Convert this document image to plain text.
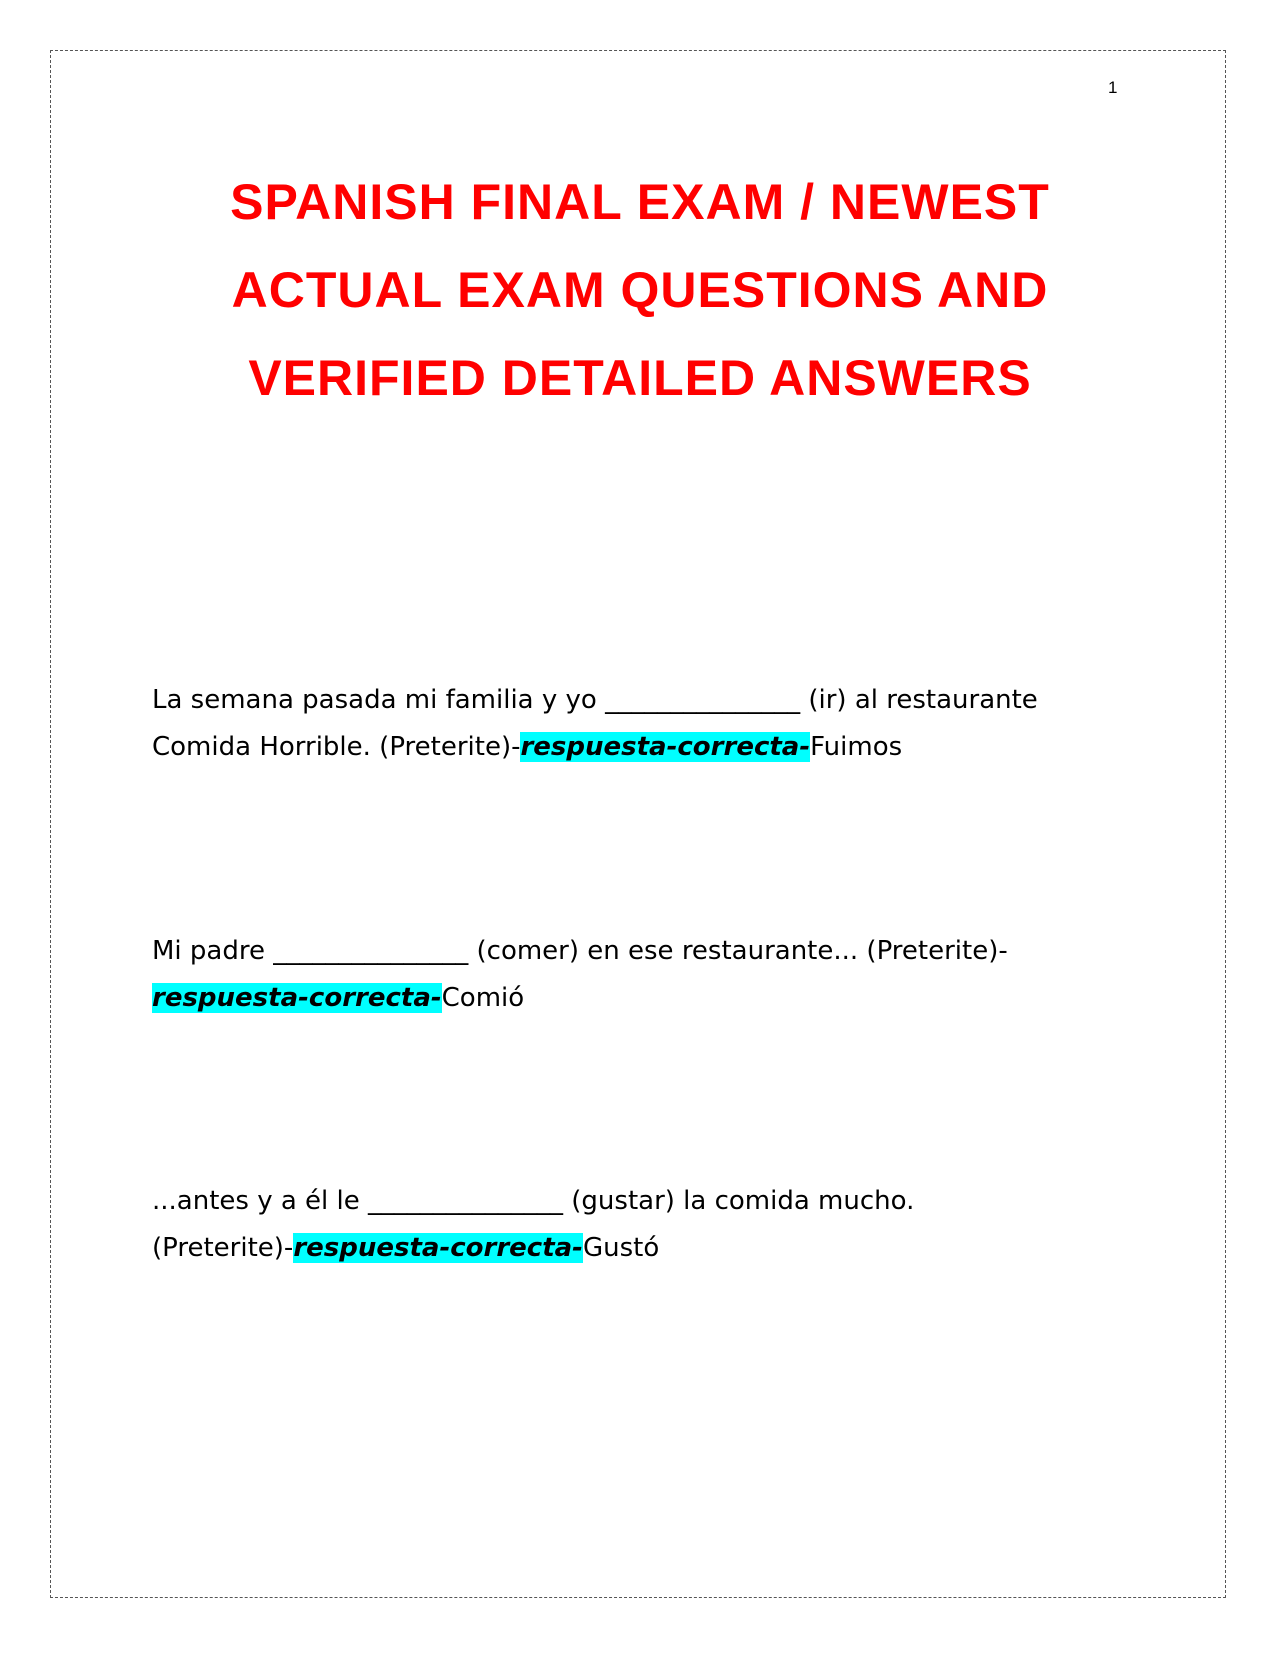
1
SPANISH FINAL EXAM / NEWEST
ACTUAL EXAM QUESTIONS AND
VERIFIED DETAILED ANSWERS

La semana pasada mi familia y yo _______________ (ir) al restaurante
Comida Horrible. (Preterite)-respuesta-correcta-Fuimos

Mi padre _______________ (comer) en ese restaurante... (Preterite)-
respuesta-correcta-Comió

...antes y a él le _______________ (gustar) la comida mucho.
(Preterite)-respuesta-correcta-Gustó
